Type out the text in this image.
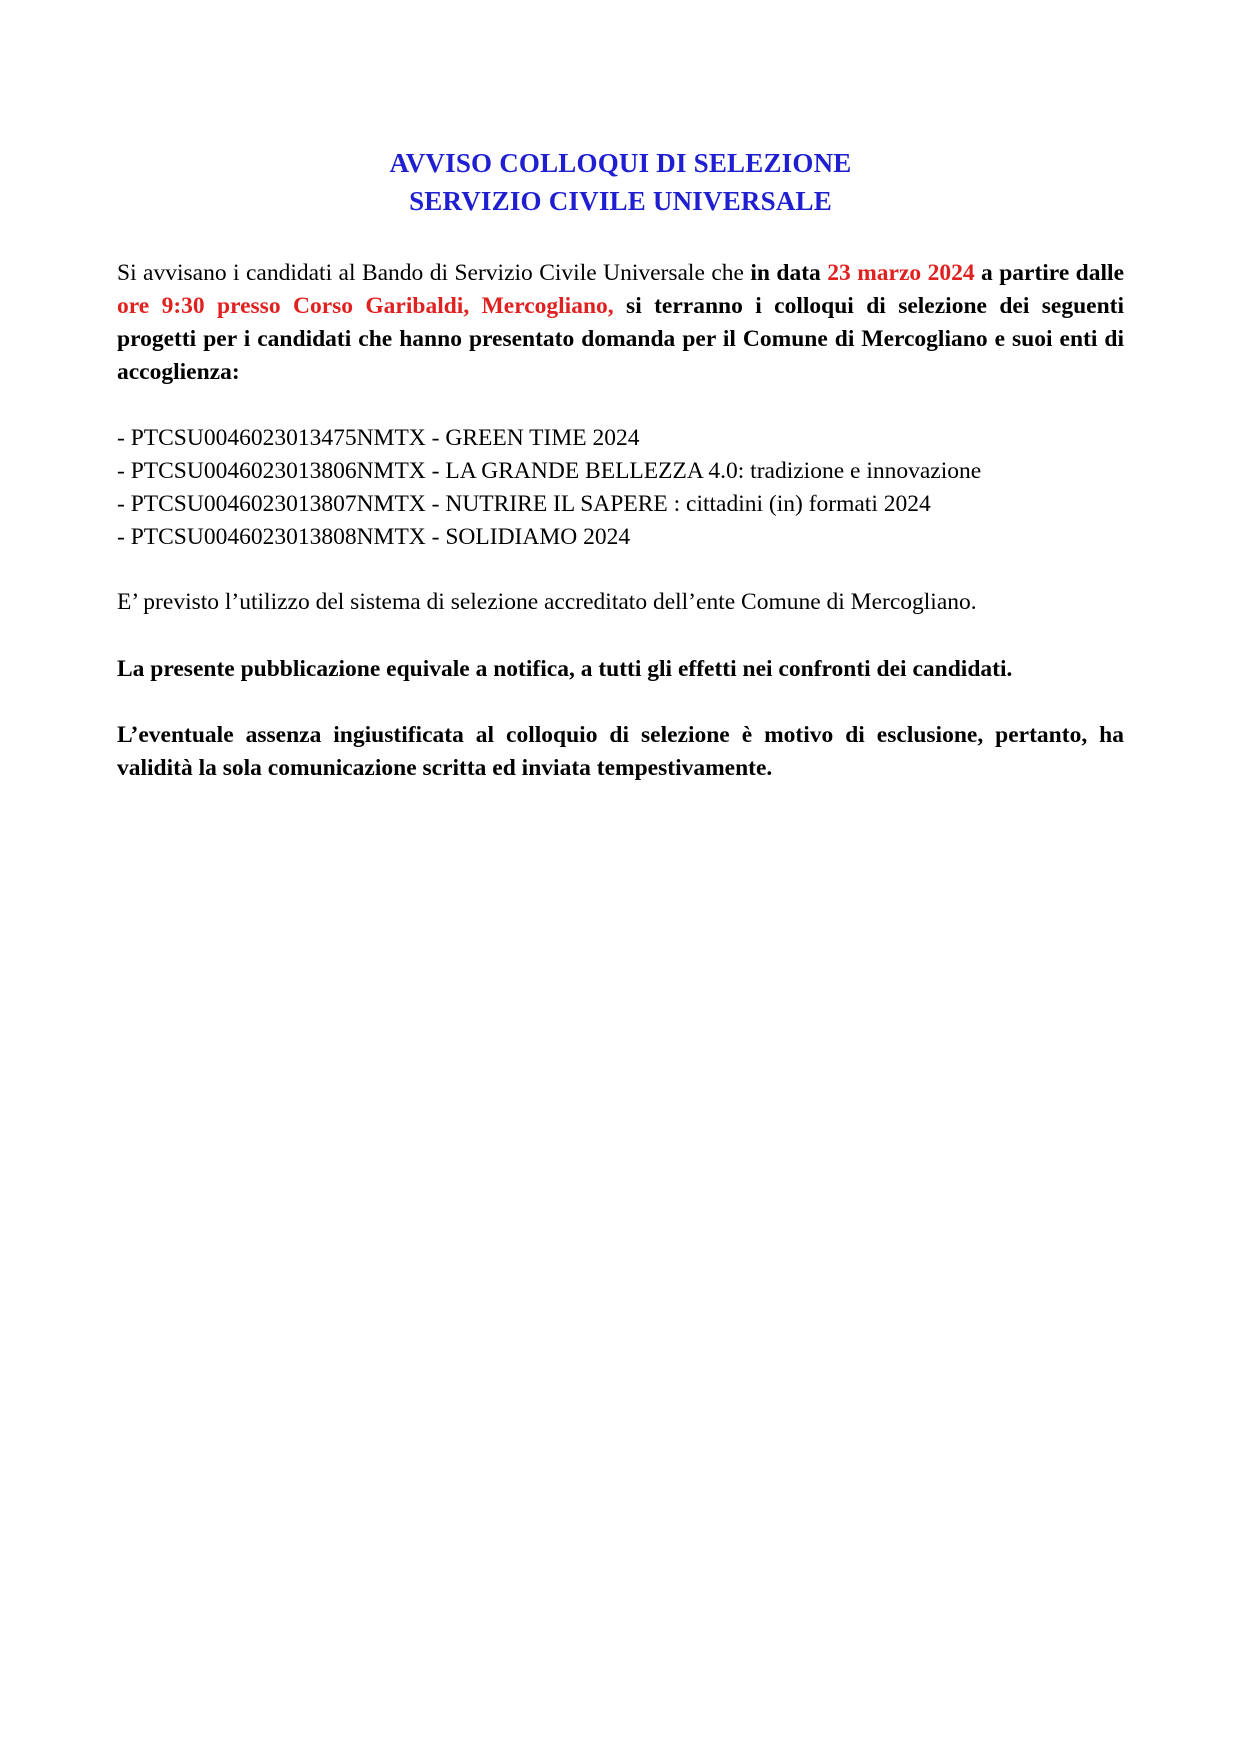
AVVISO COLLOQUI DI SELEZIONE
SERVIZIO CIVILE UNIVERSALE
Si avvisano i candidati al Bando di Servizio Civile Universale che in data 23 marzo 2024 a partire dalle ore 9:30 presso Corso Garibaldi, Mercogliano, si terranno i colloqui di selezione dei seguenti progetti per i candidati che hanno presentato domanda per il Comune di Mercogliano e suoi enti di accoglienza:
- PTCSU0046023013475NMTX - GREEN TIME 2024
- PTCSU0046023013806NMTX - LA GRANDE BELLEZZA 4.0: tradizione e innovazione
- PTCSU0046023013807NMTX - NUTRIRE IL SAPERE : cittadini (in) formati 2024
- PTCSU0046023013808NMTX - SOLIDIAMO 2024
E’ previsto l’utilizzo del sistema di selezione accreditato dell’ente Comune di Mercogliano.
La presente pubblicazione equivale a notifica, a tutti gli effetti nei confronti dei candidati.
L’eventuale assenza ingiustificata al colloquio di selezione è motivo di esclusione, pertanto, ha validità la sola comunicazione scritta ed inviata tempestivamente.
